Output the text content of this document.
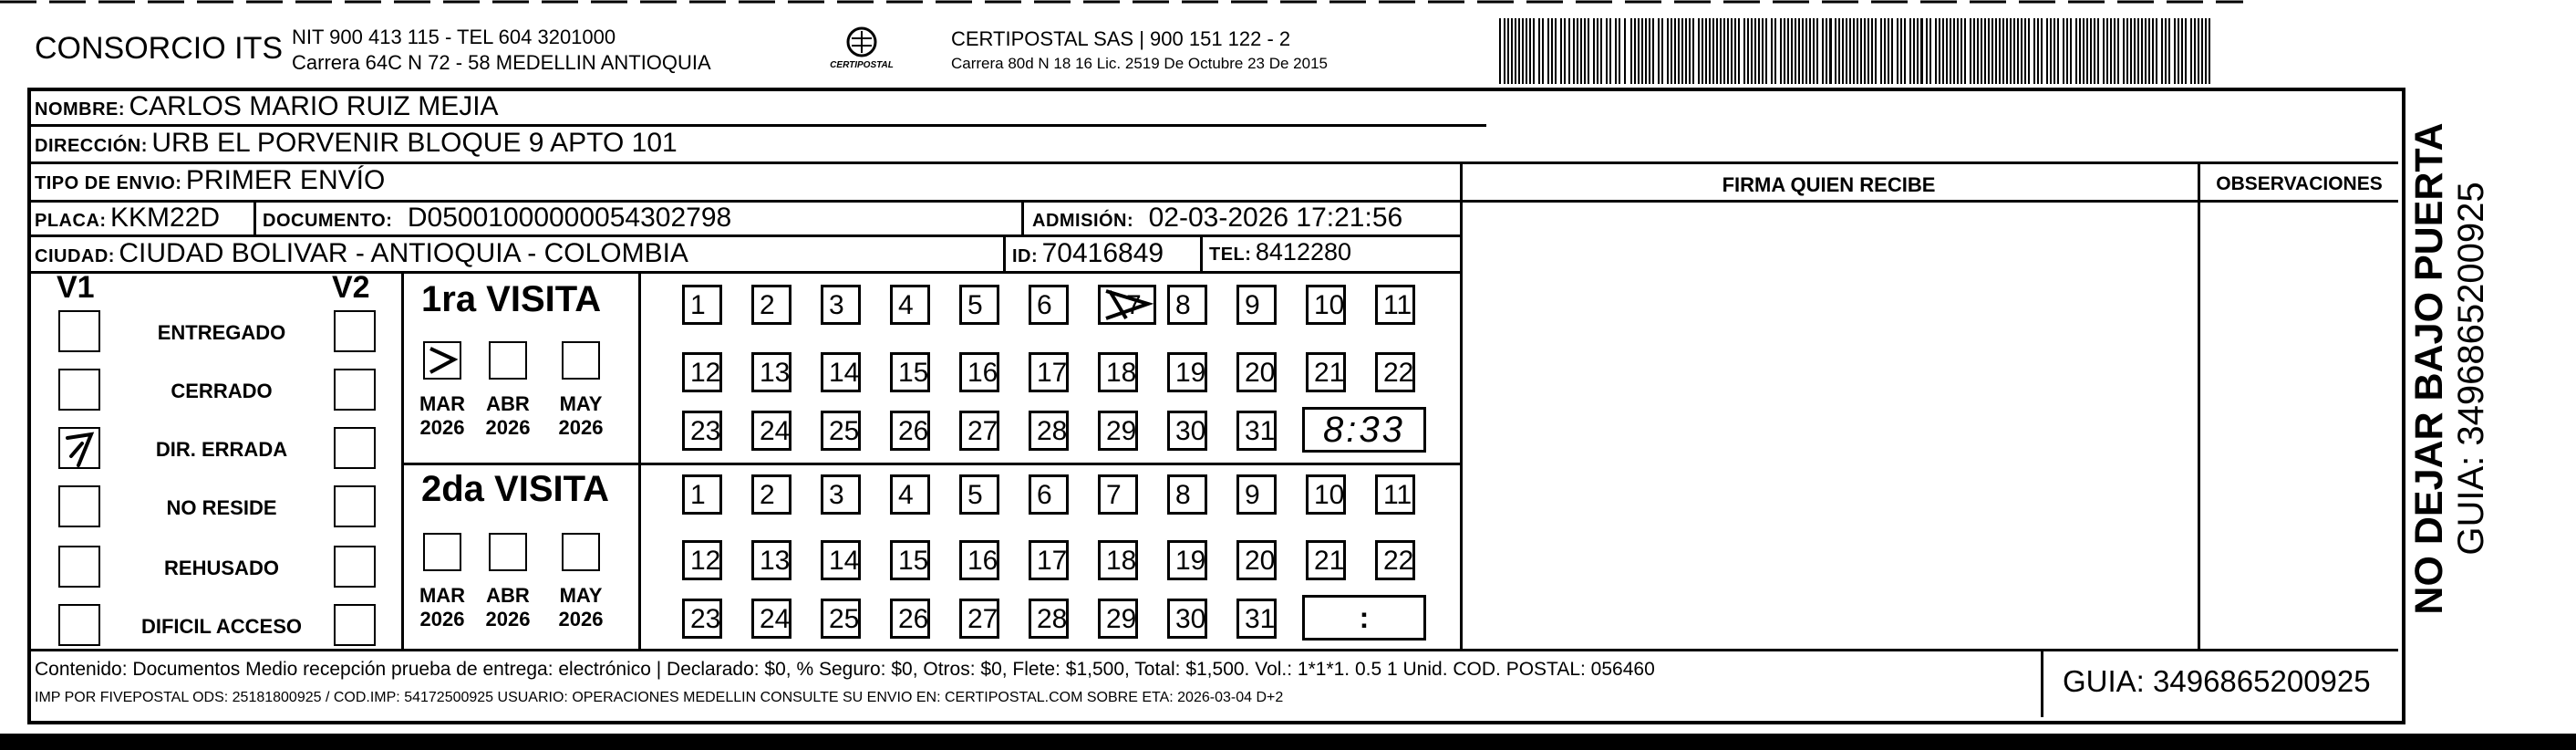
CONSORCIO ITS NIT 900 413 115 - TEL 604 3201000
Carrera 64C N 72 - 58 MEDELLIN ANTIOQUIA	CERTIPOSTAL
CERTIPOSTAL SAS | 900 151 122 - 2
Carrera 80d N 18 16 Lic. 2519 De Octubre 23 De 2015
NOMBRE: CARLOS MARIO RUIZ MEJIA
DIRECCIÓN: URB EL PORVENIR BLOQUE 9 APTO 101
TIPO DE ENVIO: PRIMER ENVÍO
PLACA: KKM22D DOCUMENTO: D05001000000054302798	ADMISIÓN: 02-03-2026 17:21:56
CIUDAD: CIUDAD BOLIVAR - ANTIOQUIA - COLOMBIA	ID: 70416849 TEL: 8412280
FIRMA QUIEN RECIBE	OBSERVACIONES
V1	V2
ENTREGADO
CERRADO
DIR. ERRADA
NO RESIDE
REHUSADO
DIFICIL ACCESO
1ra VISITA
2da VISITA
MAR
2026
ABR
2026
MAY
2026
MAR
2026
ABR
2026
MAY
2026
1	2	3	4	5	6	7	8	9	10	11
12	13	14	15	16	17	18	19	20	21	22
23	24	25	26	27	28	29	30	31
1	2	3	4	5	6	7	8	9	10	11
12	13	14	15	16	17	18	19	20	21	22
23	24	25	26	27	28	29	30	31
8:33
:
NO DEJAR BAJO PUERTA GUIA: 3496865200925
Contenido: Documentos Medio recepción prueba de entrega: electrónico | Declarado: $0, % Seguro: $0, Otros: $0, Flete: $1,500, Total: $1,500. Vol.: 1*1*1. 0.5 1 Unid. COD. POSTAL: 056460
IMP POR FIVEPOSTAL ODS: 25181800925 / COD.IMP: 54172500925 USUARIO: OPERACIONES MEDELLIN CONSULTE SU ENVIO EN: CERTIPOSTAL.COM SOBRE ETA: 2026-03-04 D+2	GUIA: 3496865200925
